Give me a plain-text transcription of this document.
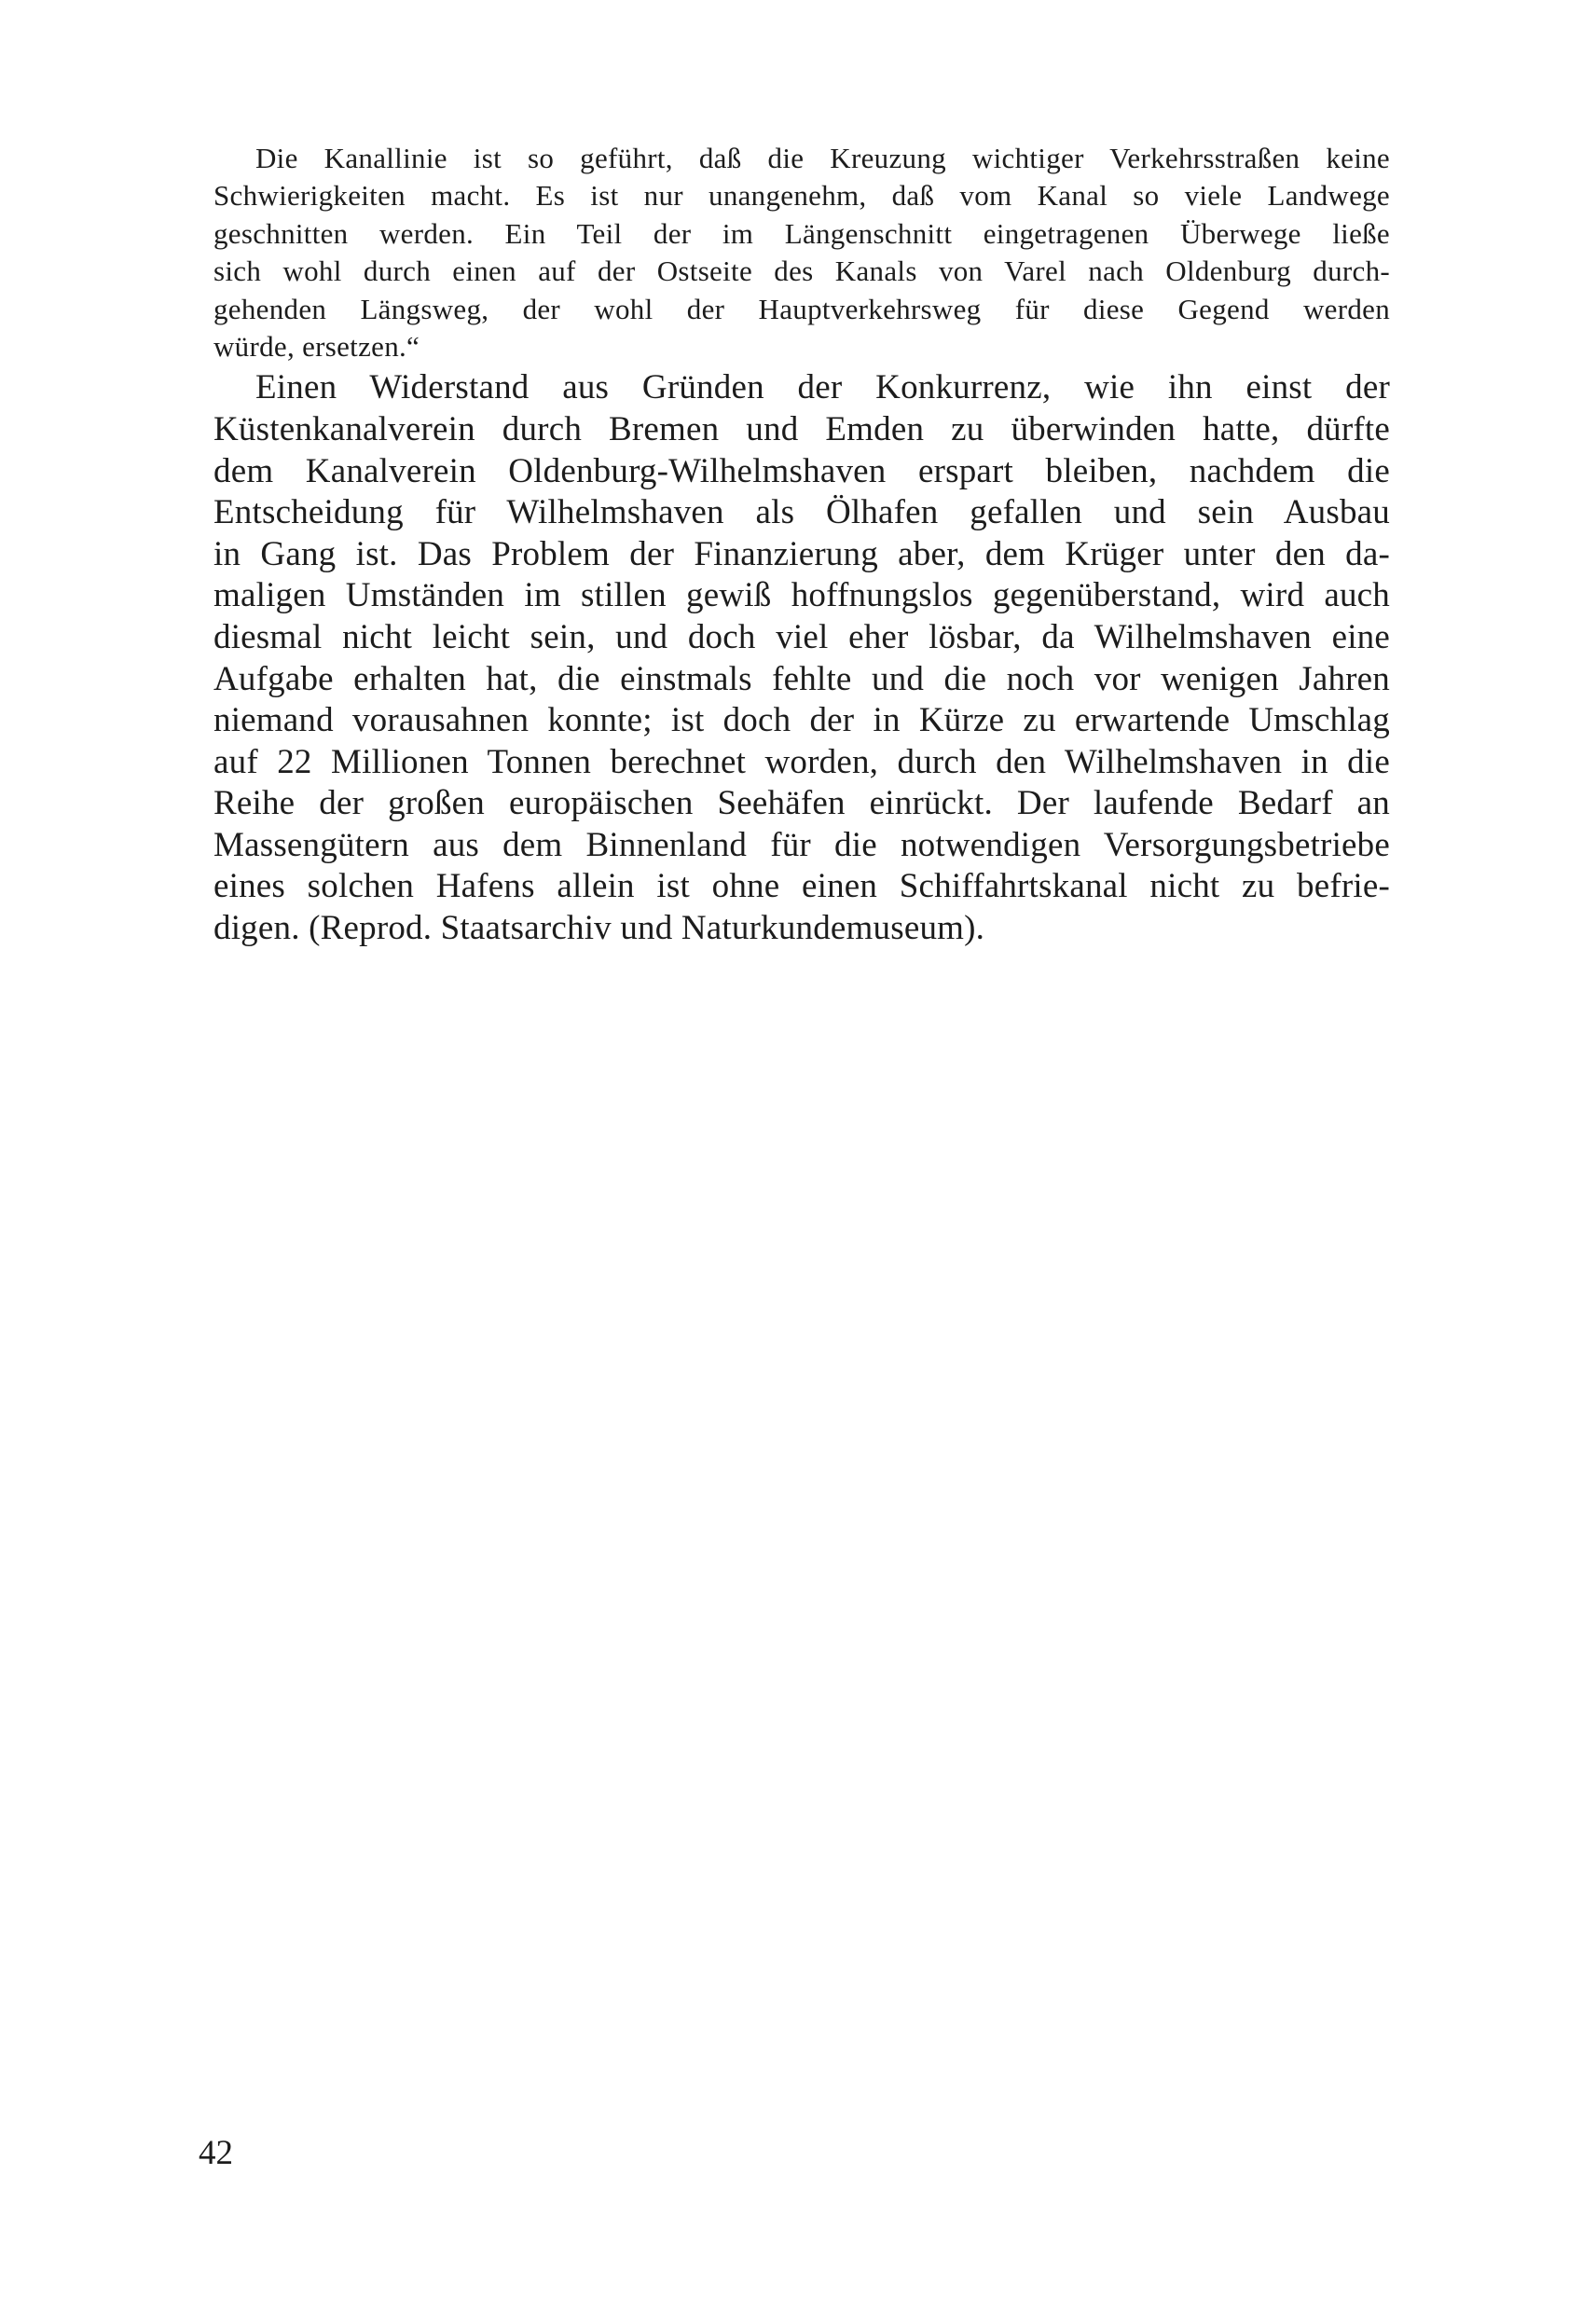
Die Kanallinie ist so geführt, daß die Kreuzung wichtiger Verkehrsstraßen keine
Schwierigkeiten macht. Es ist nur unangenehm, daß vom Kanal so viele Landwege
geschnitten werden. Ein Teil der im Längenschnitt eingetragenen Überwege ließe
sich wohl durch einen auf der Ostseite des Kanals von Varel nach Oldenburg durch-
gehenden Längsweg, der wohl der Hauptverkehrsweg für diese Gegend werden
würde, ersetzen.“
Einen Widerstand aus Gründen der Konkurrenz, wie ihn einst der
Küstenkanalverein durch Bremen und Emden zu überwinden hatte, dürfte
dem Kanalverein Oldenburg-Wilhelmshaven erspart bleiben, nachdem die
Entscheidung für Wilhelmshaven als Ölhafen gefallen und sein Ausbau
in Gang ist. Das Problem der Finanzierung aber, dem Krüger unter den da-
maligen Umständen im stillen gewiß hoffnungslos gegenüberstand, wird auch
diesmal nicht leicht sein, und doch viel eher lösbar, da Wilhelmshaven eine
Aufgabe erhalten hat, die einstmals fehlte und die noch vor wenigen Jahren
niemand vorausahnen konnte; ist doch der in Kürze zu erwartende Umschlag
auf 22 Millionen Tonnen berechnet worden, durch den Wilhelmshaven in die
Reihe der großen europäischen Seehäfen einrückt. Der laufende Bedarf an
Massengütern aus dem Binnenland für die notwendigen Versorgungsbetriebe
eines solchen Hafens allein ist ohne einen Schiffahrtskanal nicht zu befrie-
digen. (Reprod. Staatsarchiv und Naturkundemuseum).
42
